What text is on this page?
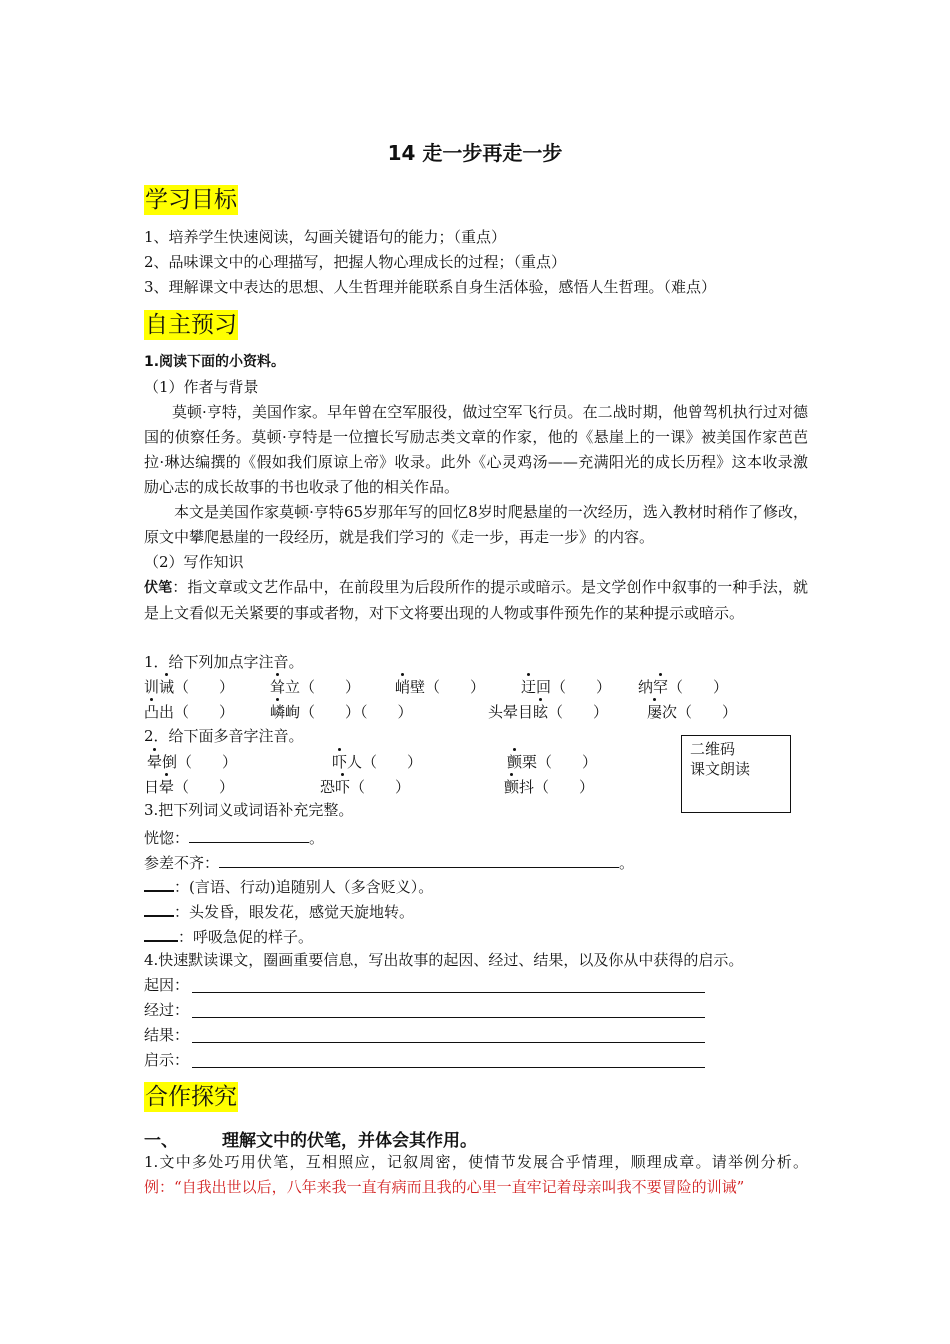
14 走一步再走一步
学习目标
1、培养学生快速阅读，勾画关键语句的能力；（重点）
2、品味课文中的心理描写，把握人物心理成长的过程；（重点）
3、理解课文中表达的思想、人生哲理并能联系自身生活体验，感悟人生哲理。（难点）
自主预习
1.阅读下面的小资料。
（1）作者与背景
莫顿·亨特，美国作家。早年曾在空军服役，做过空军飞行员。在二战时期，他曾驾机执行过对德国的侦察任务。莫顿·亨特是一位擅长写励志类文章的作家，他的《悬崖上的一课》被美国作家芭芭拉·琳达编撰的《假如我们原谅上帝》收录。此外《心灵鸡汤——充满阳光的成长历程》这本收录激励心志的成长故事的书也收录了他的相关作品。
本文是美国作家莫顿·亨特65岁那年写的回忆8岁时爬悬崖的一次经历，选入教材时稍作了修改，原文中攀爬悬崖的一段经历，就是我们学习的《走一步，再走一步》的内容。
（2）写作知识
伏笔：指文章或文艺作品中，在前段里为后段所作的提示或暗示。是文学创作中叙事的一种手法，就是上文看似无关紧要的事或者物，对下文将要出现的人物或事件预先作的某种提示或暗示。
1．给下列加点字注音。
训诫（　　） 耸立（　　） 峭壁（　　） 迂回（　　） 纳罕（　　）
凸出（　　） 嶙峋（　　）（　　）	头晕目眩（　　）	屡次（　　）
2．给下面多音字注音。
晕倒（　　）	吓人（　　）	颤栗（　　）
日晕（　　）	恐吓（　　）	颤抖（　　）
二维码
课文朗读
3.把下列词义或词语补充完整。
恍惚：	。
参差不齐：	。
：(言语、行动)追随别人（多含贬义）。
：头发昏，眼发花，感觉天旋地转。
：呼吸急促的样子。
4.快速默读课文，圈画重要信息，写出故事的起因、经过、结果，以及你从中获得的启示。
起因：
经过：
结果：
启示：
合作探究
一、	理解文中的伏笔，并体会其作用。
1.文中多处巧用伏笔，互相照应，记叙周密，使情节发展合乎情理，顺理成章。请举例分析。例：“自我出世以后，八年来我一直有病而且我的心里一直牢记着母亲叫我不要冒险的训诫”
